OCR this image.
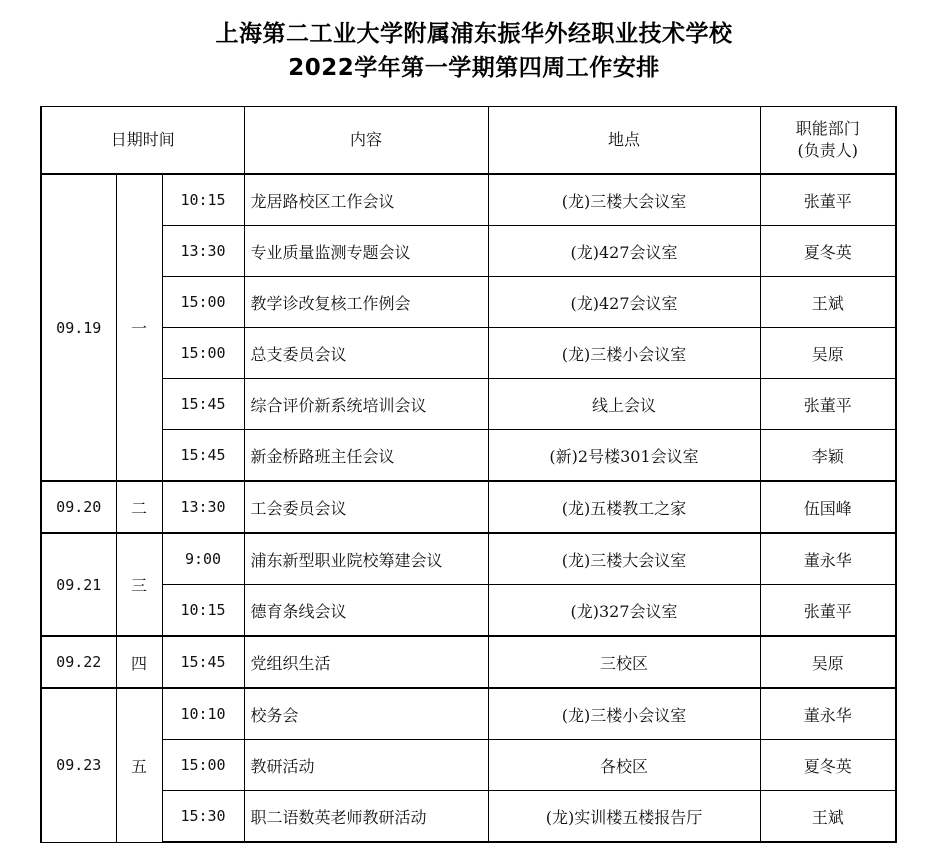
上海第二工业大学附属浦东振华外经职业技术学校
2022学年第一学期第四周工作安排
日期时间			内容	地点	职能部门
(负责人)

09.19	一	10:15	龙居路校区工作会议	(龙)三楼大会议室	张董平
		13:30	专业质量监测专题会议	(龙)427会议室	夏冬英
		15:00	教学诊改复核工作例会	(龙)427会议室	王斌
		15:00	总支委员会议	(龙)三楼小会议室	吴原
		15:45	综合评价新系统培训会议	线上会议	张董平
		15:45	新金桥路班主任会议	(新)2号楼301会议室	李颖
09.20	二	13:30	工会委员会议	(龙)五楼教工之家	伍国峰
09.21	三	9:00	浦东新型职业院校筹建会议	(龙)三楼大会议室	董永华
		10:15	德育条线会议	(龙)327会议室	张董平
09.22	四	15:45	党组织生活	三校区	吴原
09.23	五	10:10	校务会	(龙)三楼小会议室	董永华
		15:00	教研活动	各校区	夏冬英
		15:30	职二语数英老师教研活动	(龙)实训楼五楼报告厅	王斌
